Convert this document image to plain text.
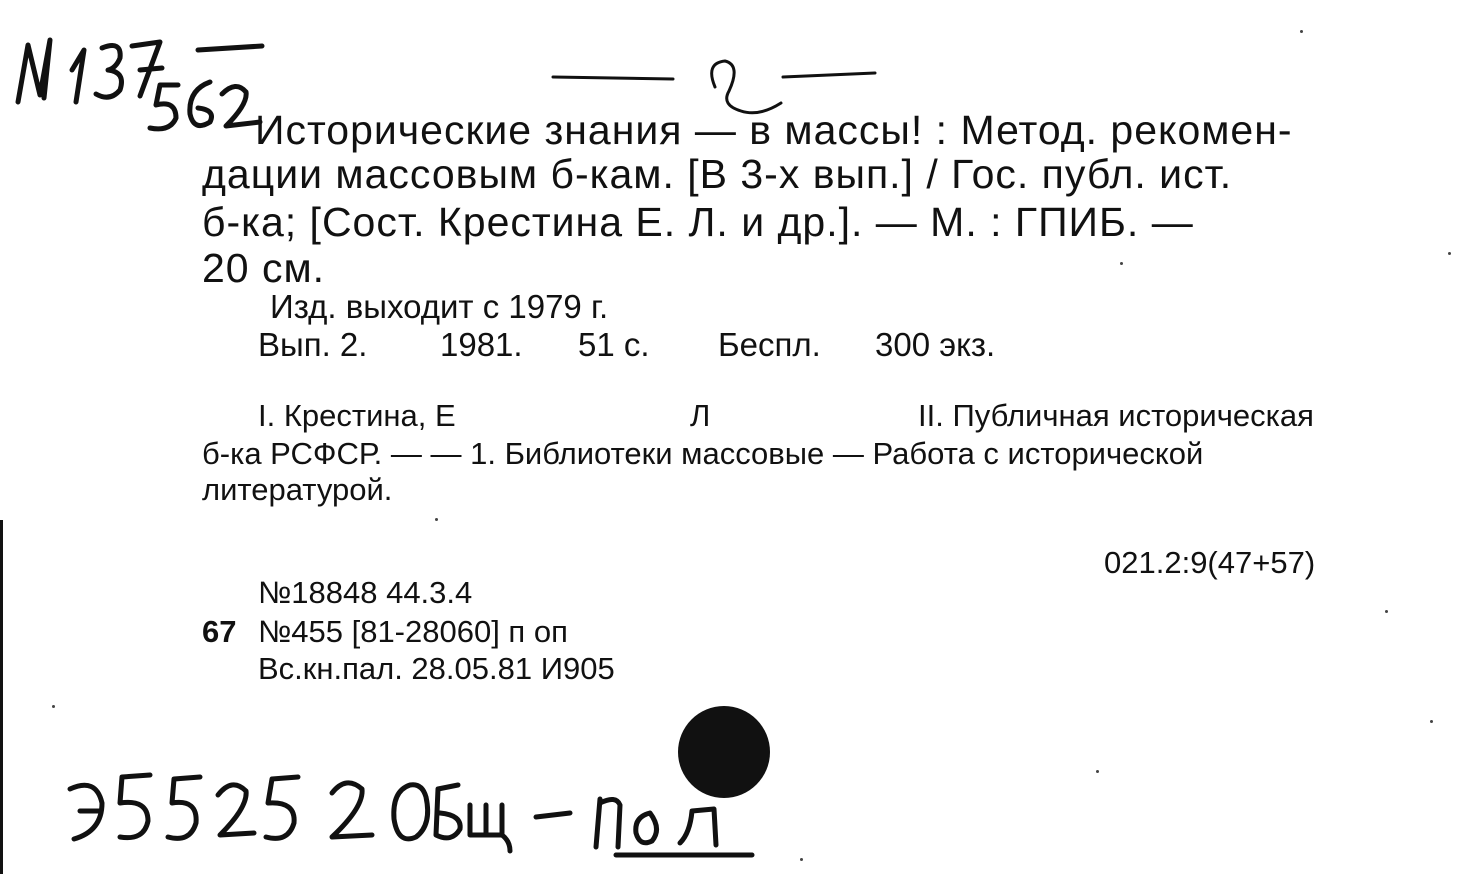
Исторические знания — в массы! : Метод. рекомен-
дации массовым б-кам. [В 3-х вып.] / Гос. публ. ист.
б-ка; [Сост. Крестина Е. Л. и др.]. — М. : ГПИБ. —
20 см.
Изд. выходит с 1979 г.
Вып. 2. 1981. 51 с. Беспл. 300 экз.
I. Крестина, Е	Л	II. Публичная историческая
б-ка РСФСР. — — 1. Библиотеки массовые — Работа с исторической
литературой.
021.2:9(47+57)
№18848 44.3.4
67 №455 [81-28060] п оп
Вс.кн.пал. 28.05.81 И905
